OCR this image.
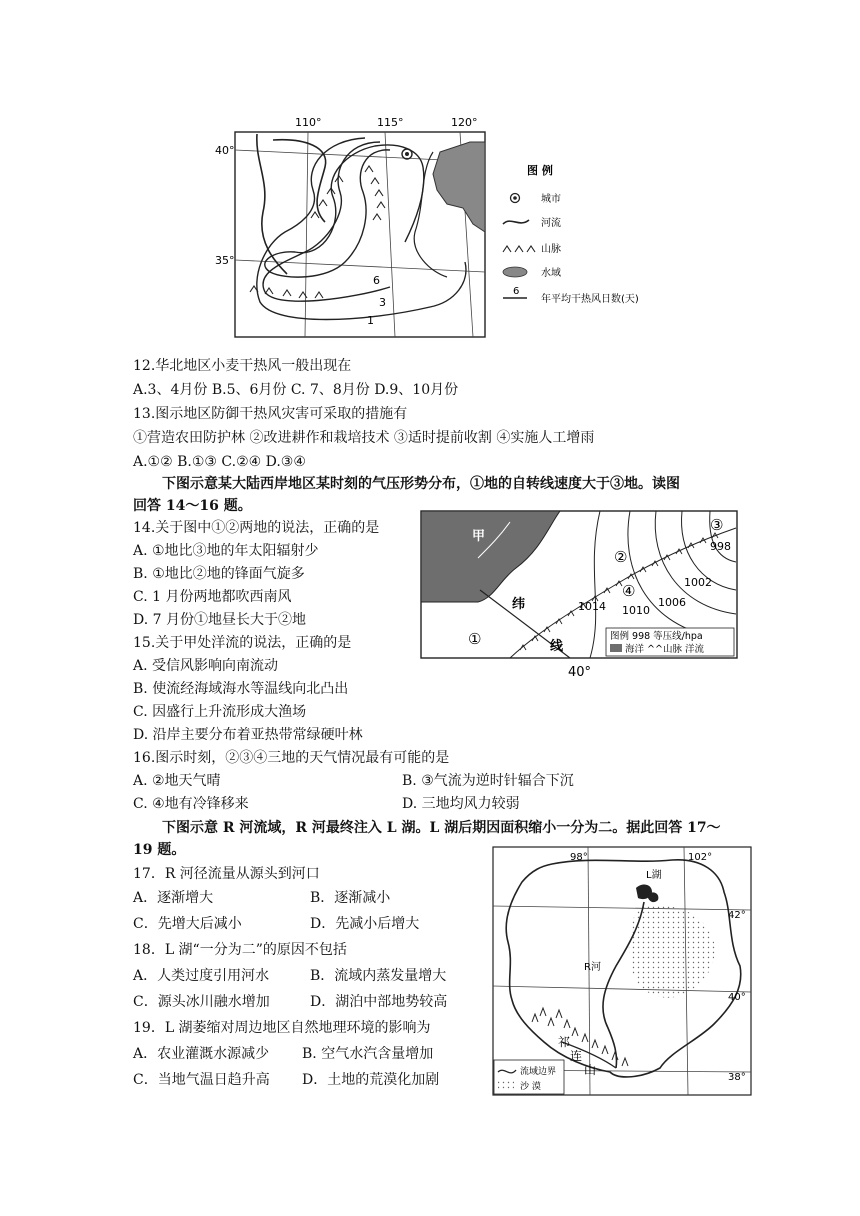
110°	115°	120°
40°
35°
6
3
1
图 例
城市
河流
山脉
水域
6
年平均干热风日数(天)
12.华北地区小麦干热风一般出现在
A.3、4月份 B.5、6月份 C. 7、8月份 D.9、10月份
13.图示地区防御干热风灾害可采取的措施有
①营造农田防护林 ②改进耕作和栽培技术 ③适时提前收割 ④实施人工增雨
A.①② B.①③ C.②④ D.③④
下图示意某大陆西岸地区某时刻的气压形势分布，①地的自转线速度大于③地。读图
回答 14～16 题。
14.关于图中①②两地的说法，正确的是
A. ①地比③地的年太阳辐射少
B. ①地比②地的锋面气旋多
C. 1 月份两地都吹西南风
D. 7 月份①地昼长大于②地
15.关于甲处洋流的说法，正确的是
A. 受信风影响向南流动
B. 使流经海域海水等温线向北凸出
C. 因盛行上升流形成大渔场
D. 沿岸主要分布着亚热带常绿硬叶林
甲
纬
线
①
②
③
④
998
1002
1006
1010
1014
图例 998 等压线/hpa
海洋 ^^山脉 洋流
40°
16.图示时刻，②③④三地的天气情况最有可能的是
A. ②地天气晴	B. ③气流为逆时针辐合下沉
C. ④地有冷锋移来	D. 三地均风力较弱
下图示意 R 河流域，R 河最终注入 L 湖。L 湖后期因面积缩小一分为二。据此回答 17～
19 题。
17．R 河径流量从源头到河口
A．逐渐增大	B．逐渐减小
C．先增大后减小	D．先减小后增大
18．L 湖“一分为二”的原因不包括
A．人类过度引用河水	B．流域内蒸发量增大
C．源头冰川融水增加	D．湖泊中部地势较高
19．L 湖萎缩对周边地区自然地理环境的影响为
A．农业灌溉水源减少 B. 空气水汽含量增加
C．当地气温日趋升高 D．土地的荒漠化加剧
98°	102°
42°
40°
38°
L湖
R河
祁
连
山
流域边界
沙 漠
